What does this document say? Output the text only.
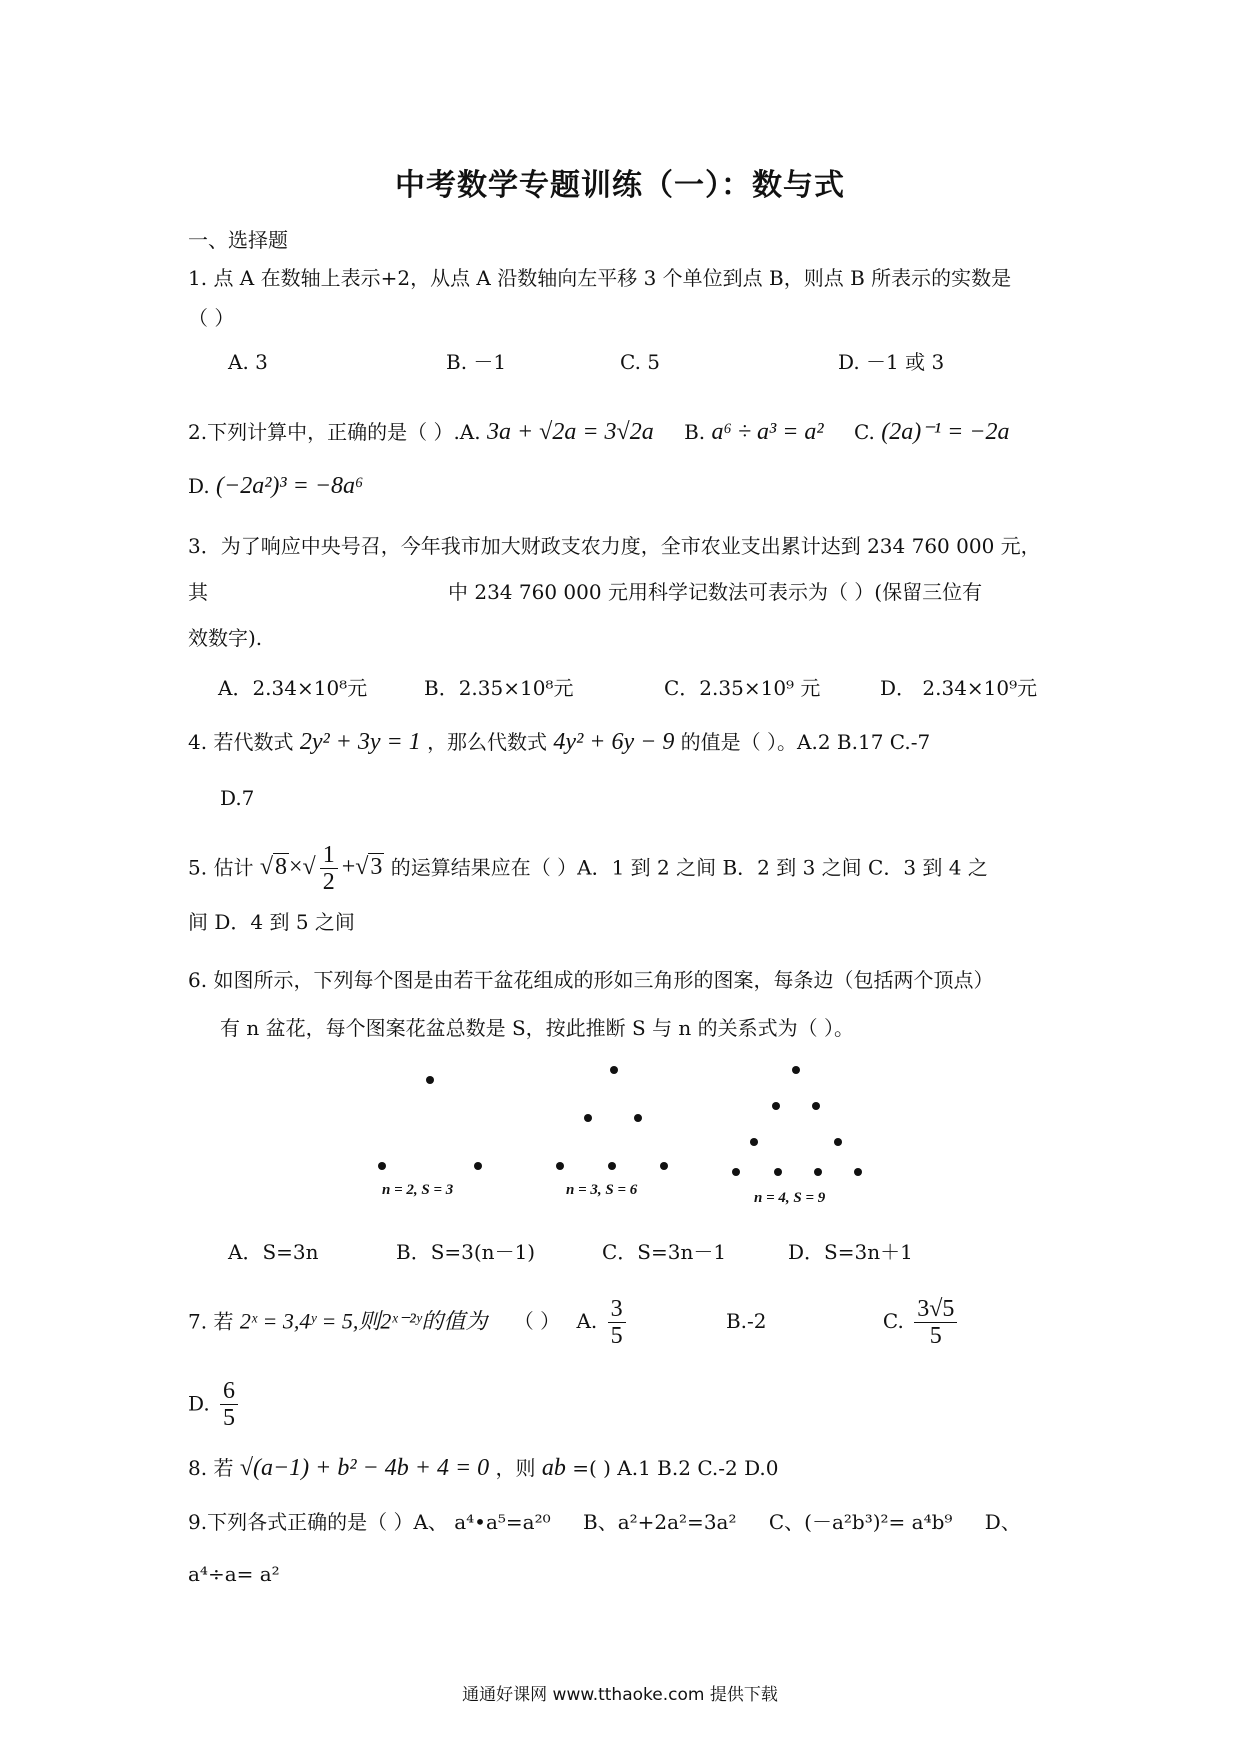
中考数学专题训练（一）：数与式
一、选择题
1. 点 A 在数轴上表示+2，从点 A 沿数轴向左平移 3 个单位到点 B，则点 B 所表示的实数是
（ ）
A. 3	B. －1	C. 5	D. －1 或 3
2.下列计算中，正确的是（ ）.A. 3a + √2a = 3√2a B. a⁶ ÷ a³ = a² C. (2a)⁻¹ = −2a
D. (−2a²)³ = −8a⁶
3．为了响应中央号召，今年我市加大财政支农力度，全市农业支出累计达到 234 760 000 元，
其	中 234 760 000 元用科学记数法可表示为（ ）(保留三位有
效数字).
A．2.34×10⁸元	B．2.35×10⁸元	C．2.35×10⁹ 元	D． 2.34×10⁹元
4. 若代数式 2y² + 3y = 1 ，那么代数式 4y² + 6y − 9 的值是（ ）。A.2 B.17 C.-7
D.7
5. 估计 $√8\times√ \frac{1}{2} +√3$ 的运算结果应在（ ）A．1 到 2 之间 B．2 到 3 之间 C．3 到 4 之
间 D．4 到 5 之间
6. 如图所示，下列每个图是由若干盆花组成的形如三角形的图案，每条边（包括两个顶点）
有 n 盆花，每个图案花盆总数是 S，按此推断 S 与 n 的关系式为（ ）。
n = 2, S = 3	n = 3, S = 6	n = 4, S = 9
A．S=3n	B．S=3(n－1)	C．S=3n－1	D．S=3n＋1
7. 若 2ˣ = 3,4ʸ = 5,则2ˣ⁻²ʸ的值为 （ ） A. $\frac{3}{5}$	B.-2	C. $\frac{3√5}{5}$
D. $\frac{6}{5}$
8. 若 √(a−1) + b² − 4b + 4 = 0 ，则 ab =( ) A.1 B.2 C.-2 D.0
9.下列各式正确的是（ ）A、 a⁴•a⁵=a²⁰ B、a²+2a²=3a² C、(－a²b³)²= a⁴b⁹ D、
a⁴÷a= a²
通通好课网 www.tthaoke.com 提供下载
